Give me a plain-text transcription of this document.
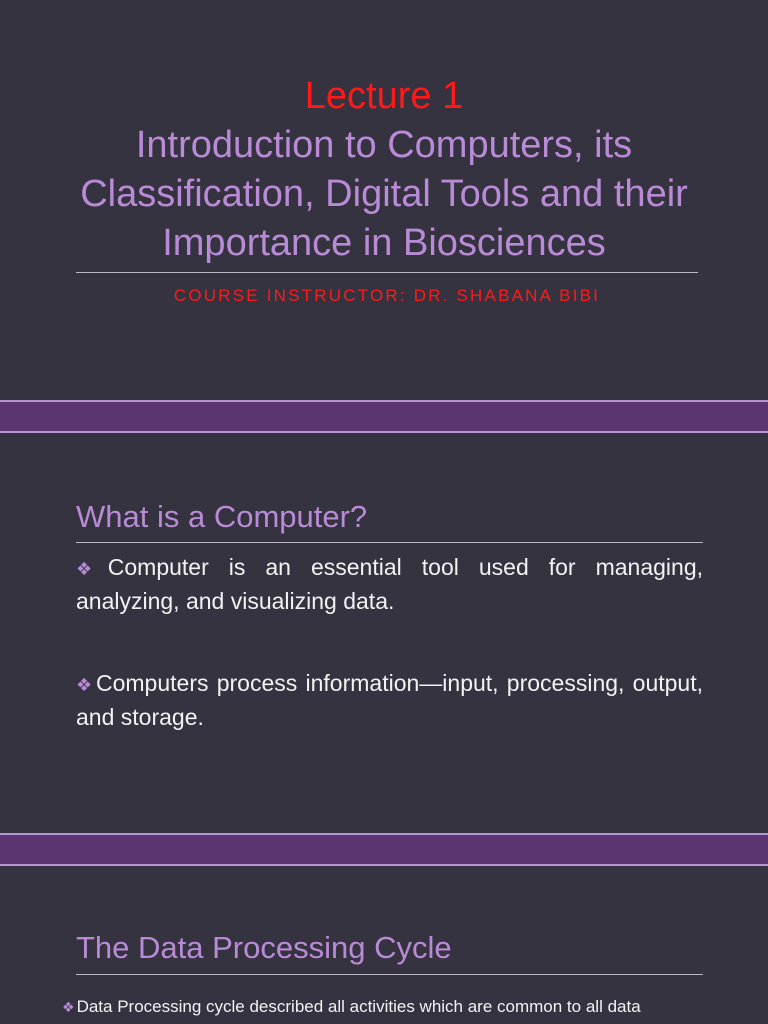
Lecture 1
Introduction to Computers, its Classification, Digital Tools and their Importance in Biosciences
COURSE INSTRUCTOR: DR. SHABANA BIBI
What is a Computer?
❖Computer is an essential tool used for managing, analyzing, and visualizing data.
❖Computers process information—input, processing, output, and storage.
The Data Processing Cycle
❖ Data Processing cycle described all activities which are common to all data
